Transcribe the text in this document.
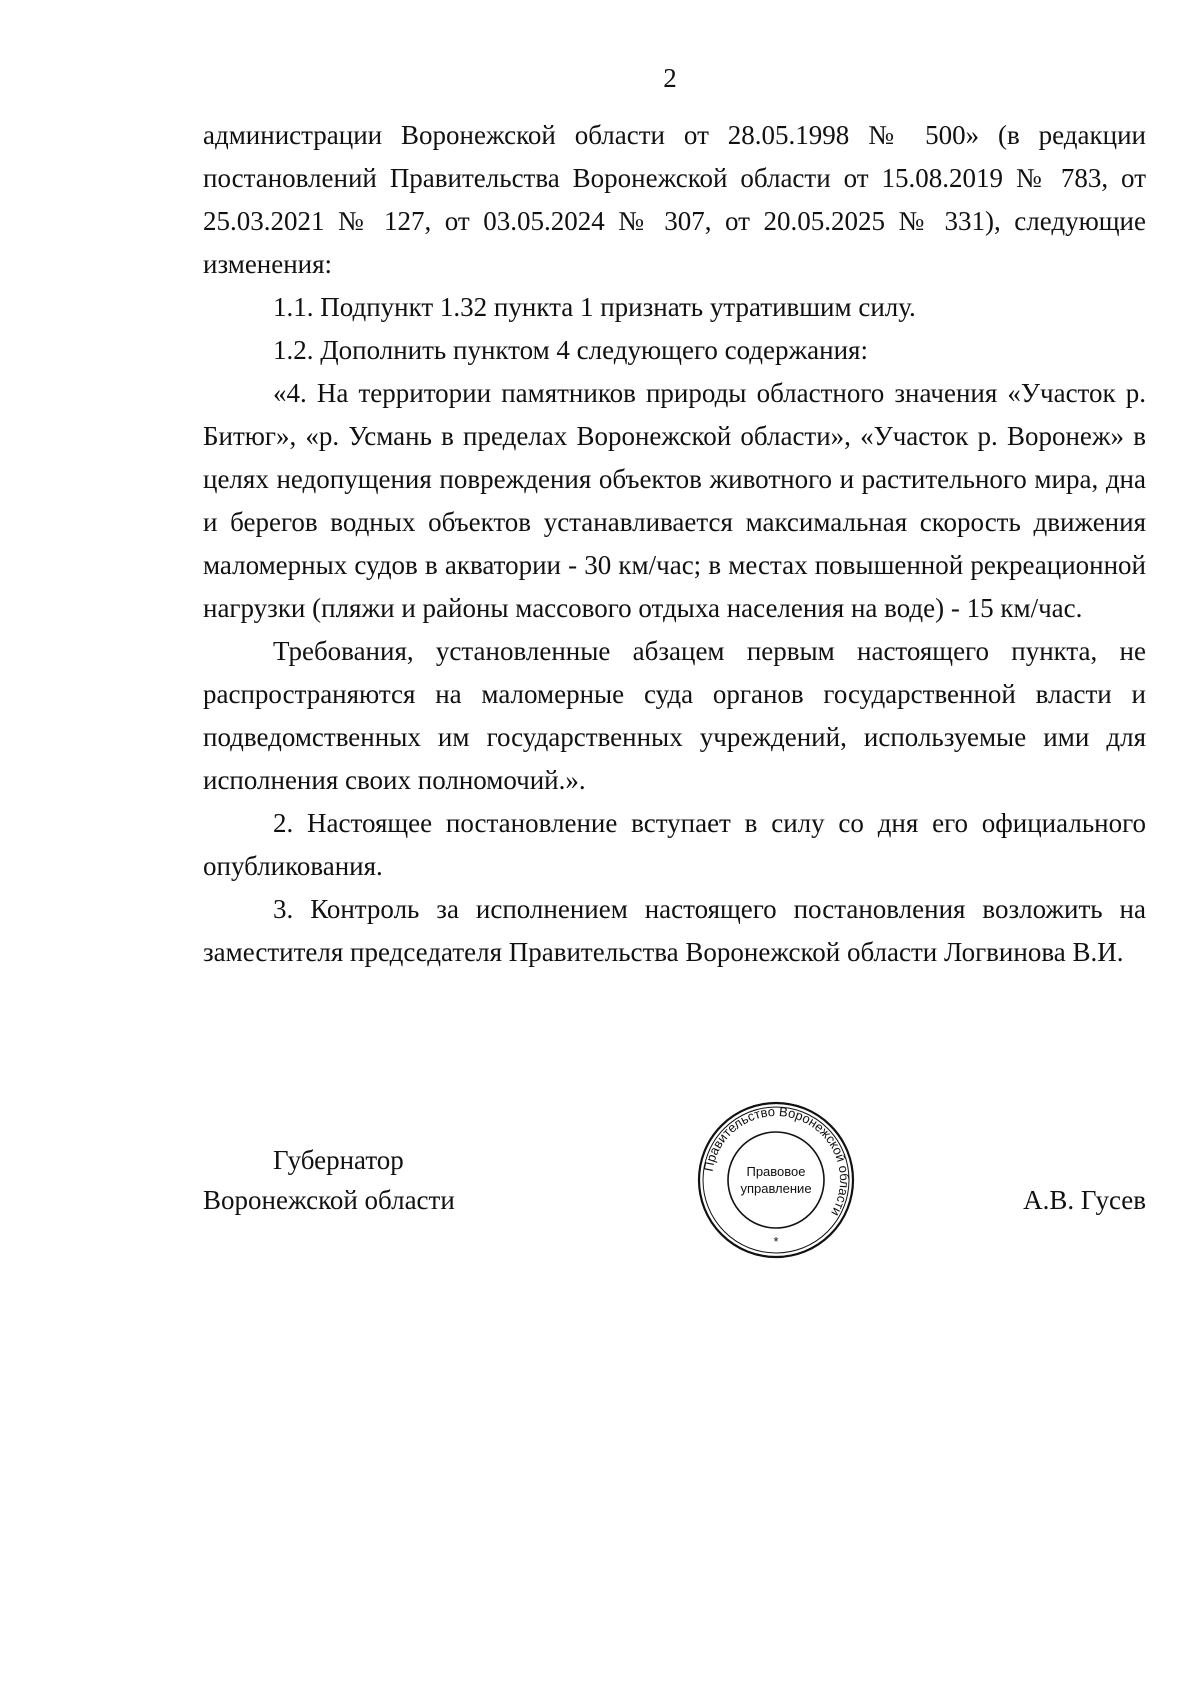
2

администрации Воронежской области от 28.05.1998 № 500» (в редакции постановлений Правительства Воронежской области от 15.08.2019 № 783, от 25.03.2021 № 127, от 03.05.2024 № 307, от 20.05.2025 № 331), следующие изменения:

1.1. Подпункт 1.32 пункта 1 признать утратившим силу.

1.2. Дополнить пунктом 4 следующего содержания:

«4. На территории памятников природы областного значения «Участок р. Битюг», «р. Усмань в пределах Воронежской области», «Участок р. Воронеж» в целях недопущения повреждения объектов животного и растительного мира, дна и берегов водных объектов устанавливается максимальная скорость движения маломерных судов в акватории - 30 км/час; в местах повышенной рекреационной нагрузки (пляжи и районы массового отдыха населения на воде) - 15 км/час.

Требования, установленные абзацем первым настоящего пункта, не распространяются на маломерные суда органов государственной власти и подведомственных им государственных учреждений, используемые ими для исполнения своих полномочий.».

2. Настоящее постановление вступает в силу со дня его официального опубликования.

3. Контроль за исполнением настоящего постановления возложить на заместителя председателя Правительства Воронежской области Логвинова В.И.

Губернатор
Воронежской области	А.В. Гусев
Правительство Воронежской области
Правовое
управление
*
